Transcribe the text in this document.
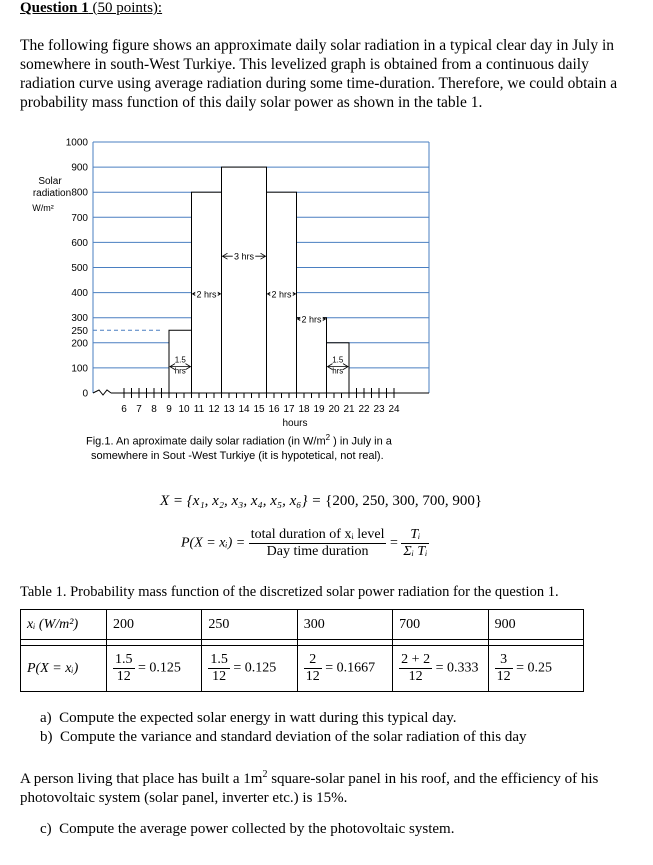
Question 1 (50 points):

The following figure shows an approximate daily solar radiation in a typical clear day in July in somewhere in south-West Turkiye. This levelized graph is obtained from a continuous daily radiation curve using average radiation during some time-duration. Therefore, we could obtain a probability mass function of this daily solar power as shown in the table 1.

0
100
200
250
300
400
500
600
700
800
900
1000
6 7 8 9 10 11 12 13 14 15 16 17 18 19 20 21 22 23 24
hours
Solar
radiation
W/m²
1.5
hrs
2 hrs
3 hrs
2 hrs
2 hrs
1.5
hrs
Fig.1. An aproximate daily solar radiation (in $W/m^2$ ) in July in a
somewhere in Sout -West Turkiye (it is hypotetical, not real).
X = {x₁, x₂, x₃, x₄, x₅, x₆} = {200, 250, 300, 700, 900}
P(X = xᵢ) = $\frac{\text{total duration of xᵢ level}}{\text{Day time duration}} = \frac{\text{Tᵢ}}{\text{Σᵢ Tᵢ}}$
Table 1. Probability mass function of the discretized solar power radiation for the question 1.
xᵢ (W/m²)	200	250	300	700	900

P(X = xᵢ)	$\frac{1.5}{12} = 0.125$	$\frac{1.5}{12} = 0.125$	$\frac{2}{12} = 0.1667$	$\frac{2 + 2}{12} = 0.333$	$\frac{3}{12} = 0.25$
a)  Compute the expected solar energy in watt during this typical day.
b)  Compute the variance and standard deviation of the solar radiation of this day

A person living that place has built a $1m^2$ square-solar panel in his roof, and the efficiency of his photovoltaic system (solar panel, inverter etc.) is 15%.

c)  Compute the average power collected by the photovoltaic system.
